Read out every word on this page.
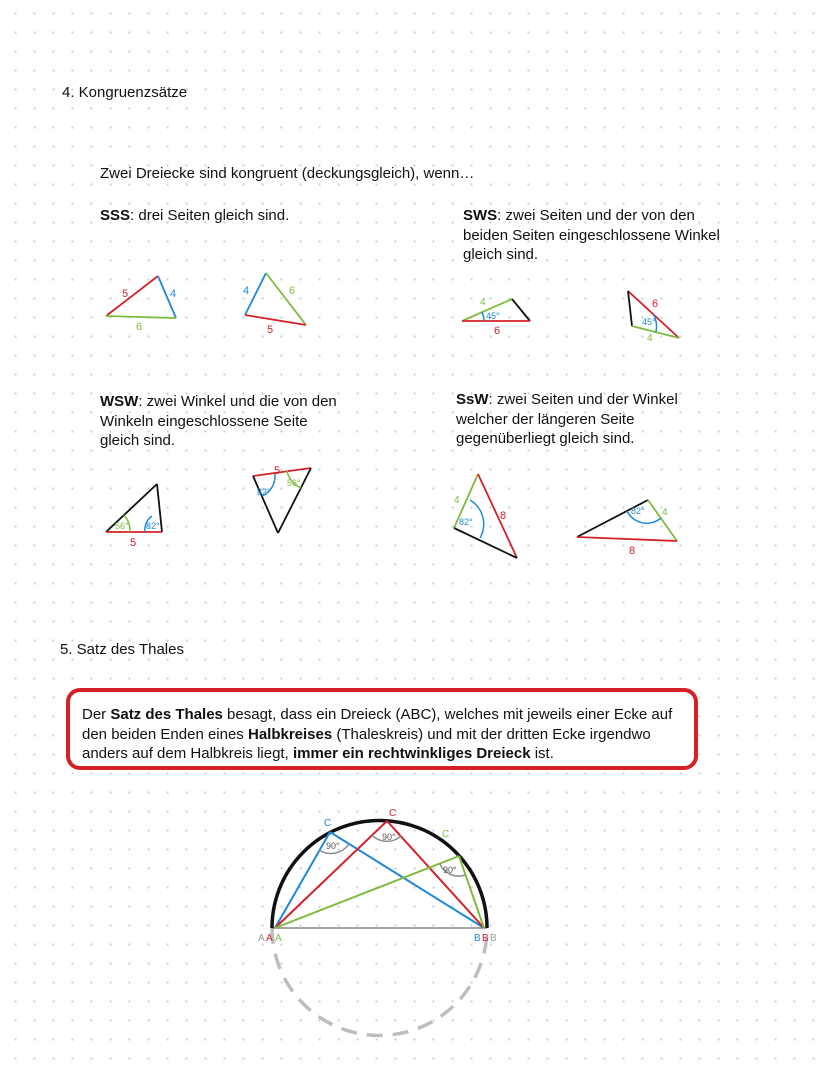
4. Kongruenzsätze
Zwei Dreiecke sind kongruent (deckungsgleich), wenn…
SSS: drei Seiten gleich sind.	SWS: zwei Seiten und der von den
beiden Seiten eingeschlossene Winkel
gleich sind.
WSW: zwei Winkel und die von den
Winkeln eingeschlossene Seite
gleich sind.
SsW: zwei Seiten und der Winkel
welcher der längeren Seite
gegenüberliegt gleich sind.
5. Satz des Thales
Der Satz des Thales besagt, dass ein Dreieck (ABC), welches mit jeweils einer Ecke auf den beiden Enden eines Halbkreises (Thaleskreis) und mit der dritten Ecke irgendwo anders auf dem Halbkreis liegt, immer ein rechtwinkliges Dreieck ist.
5	4
6
4	6
5
4
45°
6
6
45°
4
56° 82°
5
5
82°
56°
4
82° 8	82° 4
8
C
C
C
90°
90°
90°
A A A	B B B
